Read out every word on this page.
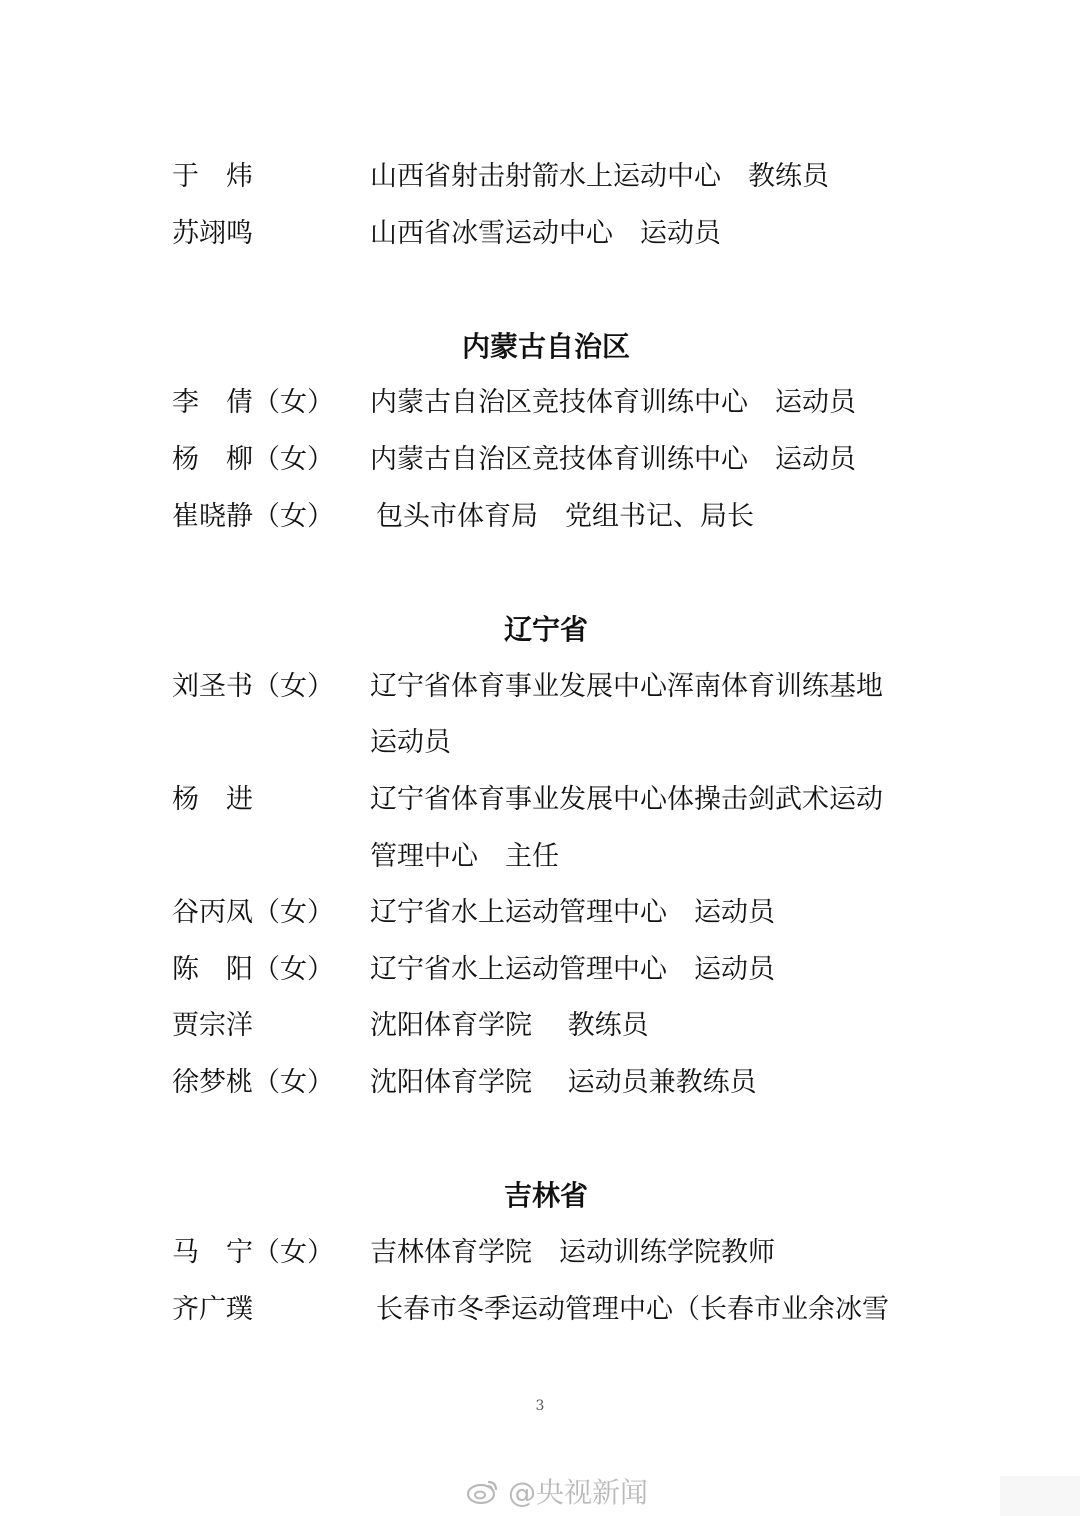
于　炜	山西省射击射箭水上运动中心　教练员
苏翊鸣	山西省冰雪运动中心　运动员
内蒙古自治区
李　倩（女） 内蒙古自治区竞技体育训练中心　运动员
杨　柳（女） 内蒙古自治区竞技体育训练中心　运动员
崔晓静（女） 包头市体育局　党组书记、局长
辽宁省
刘圣书（女） 辽宁省体育事业发展中心浑南体育训练基地
运动员
杨　进	辽宁省体育事业发展中心体操击剑武术运动
管理中心　主任
谷丙凤（女） 辽宁省水上运动管理中心　运动员
陈　阳（女） 辽宁省水上运动管理中心　运动员
贾宗洋	沈阳体育学院　 教练员
徐梦桃（女） 沈阳体育学院　 运动员兼教练员
吉林省
马　宁（女） 吉林体育学院　运动训练学院教师
齐广璞	长春市冬季运动管理中心（长春市业余冰雪
3
@央视新闻
